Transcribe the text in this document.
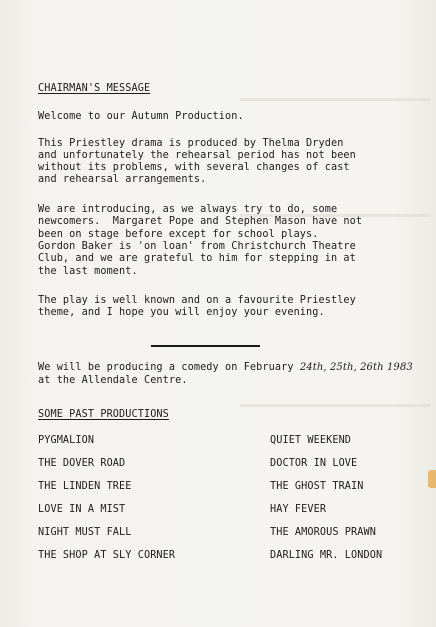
CHAIRMAN'S MESSAGE
Welcome to our Autumn Production.
This Priestley drama is produced by Thelma Dryden
and unfortunately the rehearsal period has not been
without its problems, with several changes of cast
and rehearsal arrangements.
We are introducing, as we always try to do, some
newcomers.  Margaret Pope and Stephen Mason have not
been on stage before except for school plays.
Gordon Baker is 'on loan' from Christchurch Theatre
Club, and we are grateful to him for stepping in at
the last moment.
The play is well known and on a favourite Priestley
theme, and I hope you will enjoy your evening.
We will be producing a comedy on February 24th, 25th, 26th 1983
at the Allendale Centre.
SOME PAST PRODUCTIONS
PYGMALION
THE DOVER ROAD
THE LINDEN TREE
LOVE IN A MIST
NIGHT MUST FALL
THE SHOP AT SLY CORNER
QUIET WEEKEND
DOCTOR IN LOVE
THE GHOST TRAIN
HAY FEVER
THE AMOROUS PRAWN
DARLING MR. LONDON
